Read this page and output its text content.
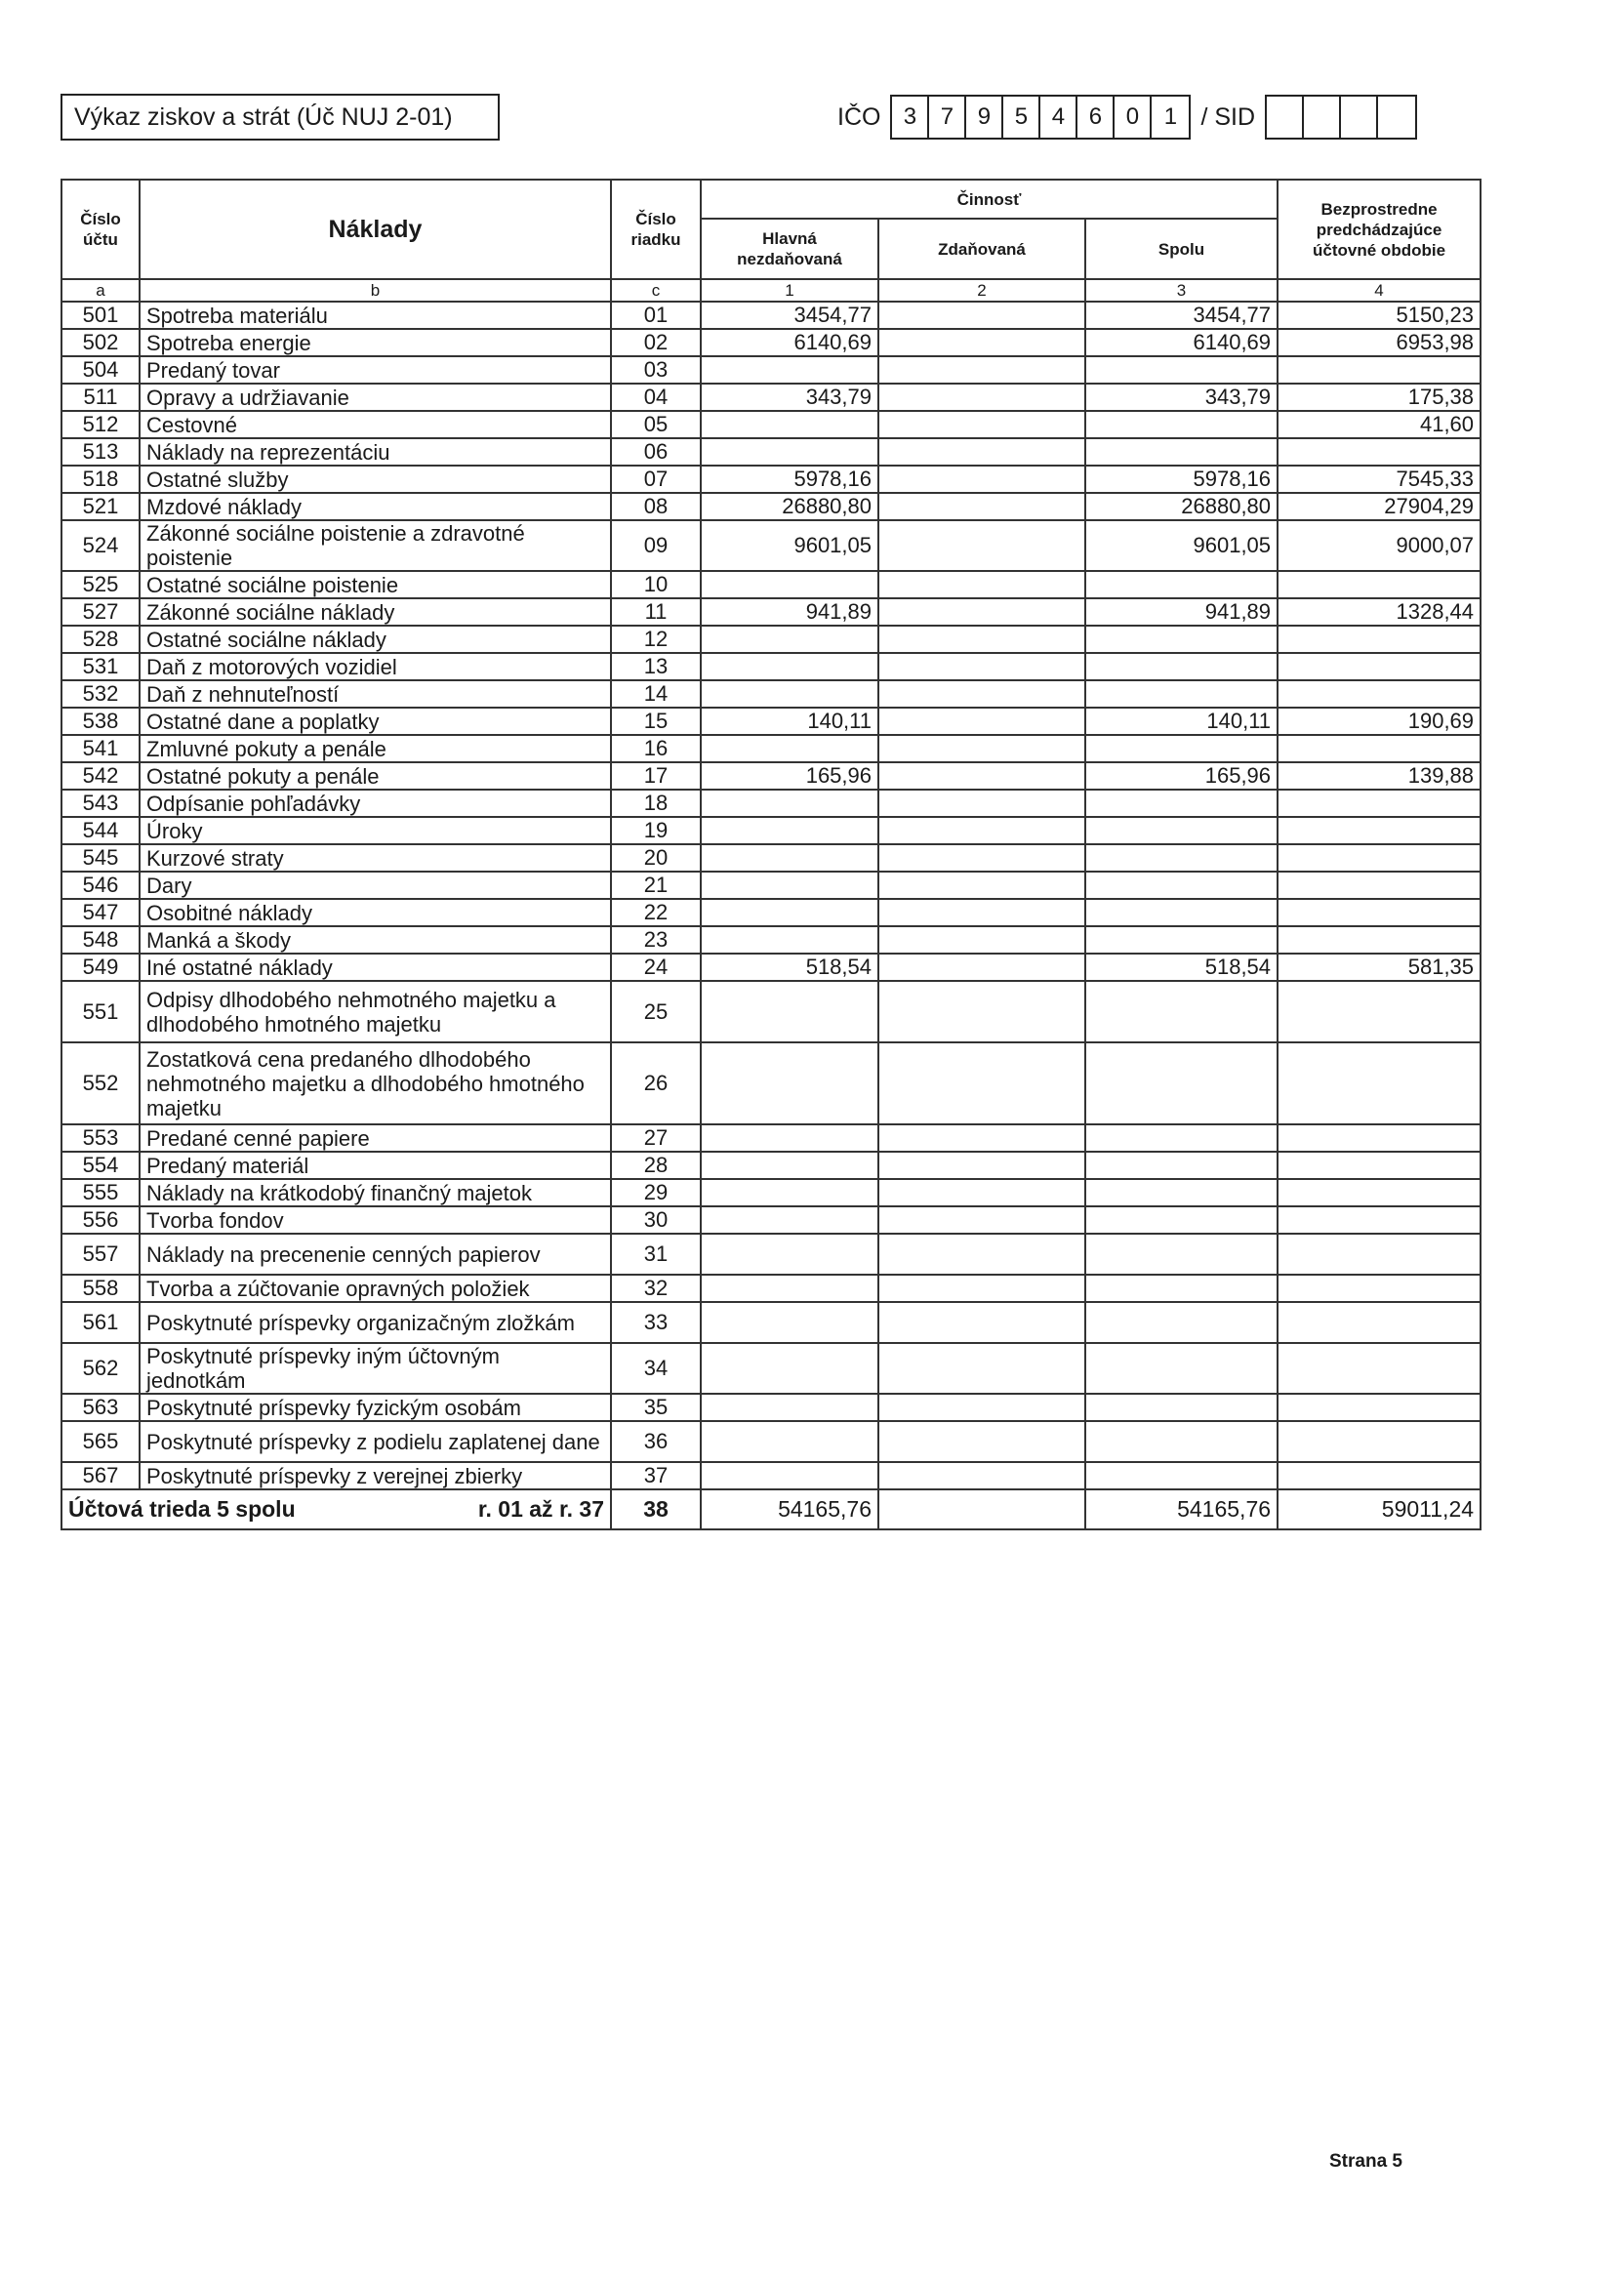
Výkaz ziskov a strát (Úč NUJ 2-01)	IČO 3	7	9	5	4	6	0	1 / SID
Číslo účtu	Náklady	Číslo riadku	Činnosť			Bezprostredne predchádzajúce účtovné obdobie
			Hlavná nezdaňovaná	Zdaňovaná	Spolu	
a	b	c	1	2	3	4
501	Spotreba materiálu	01	3454,77		3454,77	5150,23
502	Spotreba energie	02	6140,69		6140,69	6953,98
504	Predaný tovar	03				
511	Opravy a udržiavanie	04	343,79		343,79	175,38
512	Cestovné	05				41,60
513	Náklady na reprezentáciu	06				
518	Ostatné služby	07	5978,16		5978,16	7545,33
521	Mzdové náklady	08	26880,80		26880,80	27904,29
524	Zákonné sociálne poistenie a zdravotné poistenie	09	9601,05		9601,05	9000,07
525	Ostatné sociálne poistenie	10				
527	Zákonné sociálne náklady	11	941,89		941,89	1328,44
528	Ostatné sociálne náklady	12				
531	Daň z motorových vozidiel	13				
532	Daň z nehnuteľností	14				
538	Ostatné dane a poplatky	15	140,11		140,11	190,69
541	Zmluvné pokuty a penále	16				
542	Ostatné pokuty a penále	17	165,96		165,96	139,88
543	Odpísanie pohľadávky	18				
544	Úroky	19				
545	Kurzové straty	20				
546	Dary	21				
547	Osobitné náklady	22				
548	Manká a škody	23				
549	Iné ostatné náklady	24	518,54		518,54	581,35
551	Odpisy dlhodobého nehmotného majetku a dlhodobého hmotného majetku	25				
552	Zostatková cena predaného dlhodobého nehmotného majetku a dlhodobého hmotného majetku	26				
553	Predané cenné papiere	27				
554	Predaný materiál	28				
555	Náklady na krátkodobý finančný majetok	29				
556	Tvorba fondov	30				
557	Náklady na precenenie cenných papierov	31				
558	Tvorba a zúčtovanie opravných položiek	32				
561	Poskytnuté príspevky organizačným zložkám	33				
562	Poskytnuté príspevky iným účtovným jednotkám	34				
563	Poskytnuté príspevky fyzickým osobám	35				
565	Poskytnuté príspevky z podielu zaplatenej dane	36				
567	Poskytnuté príspevky z verejnej zbierky	37				

Účtová trieda 5 spolu r. 01 až r. 37		38	54165,76		54165,76	59011,24
Strana 5
